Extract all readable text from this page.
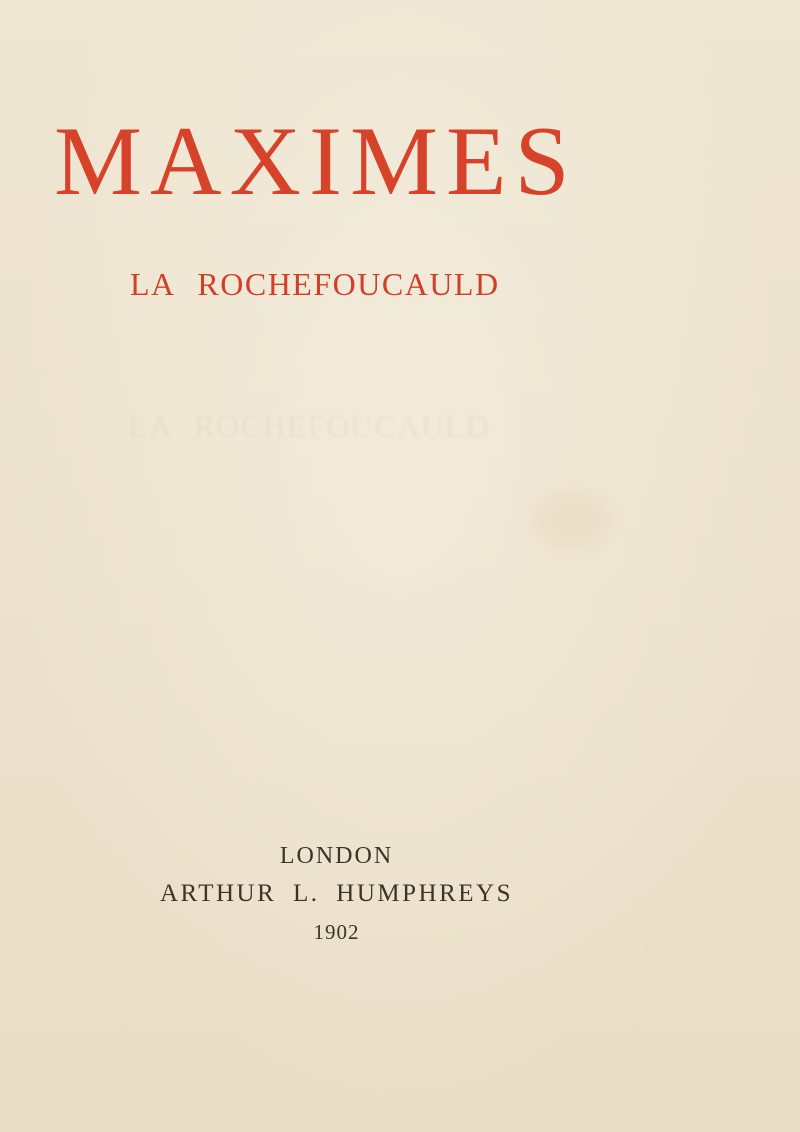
MAXIMES
LA ROCHEFOUCAULD
LA ROCHEFOUCAULD
LONDON
ARTHUR L. HUMPHREYS
1902
